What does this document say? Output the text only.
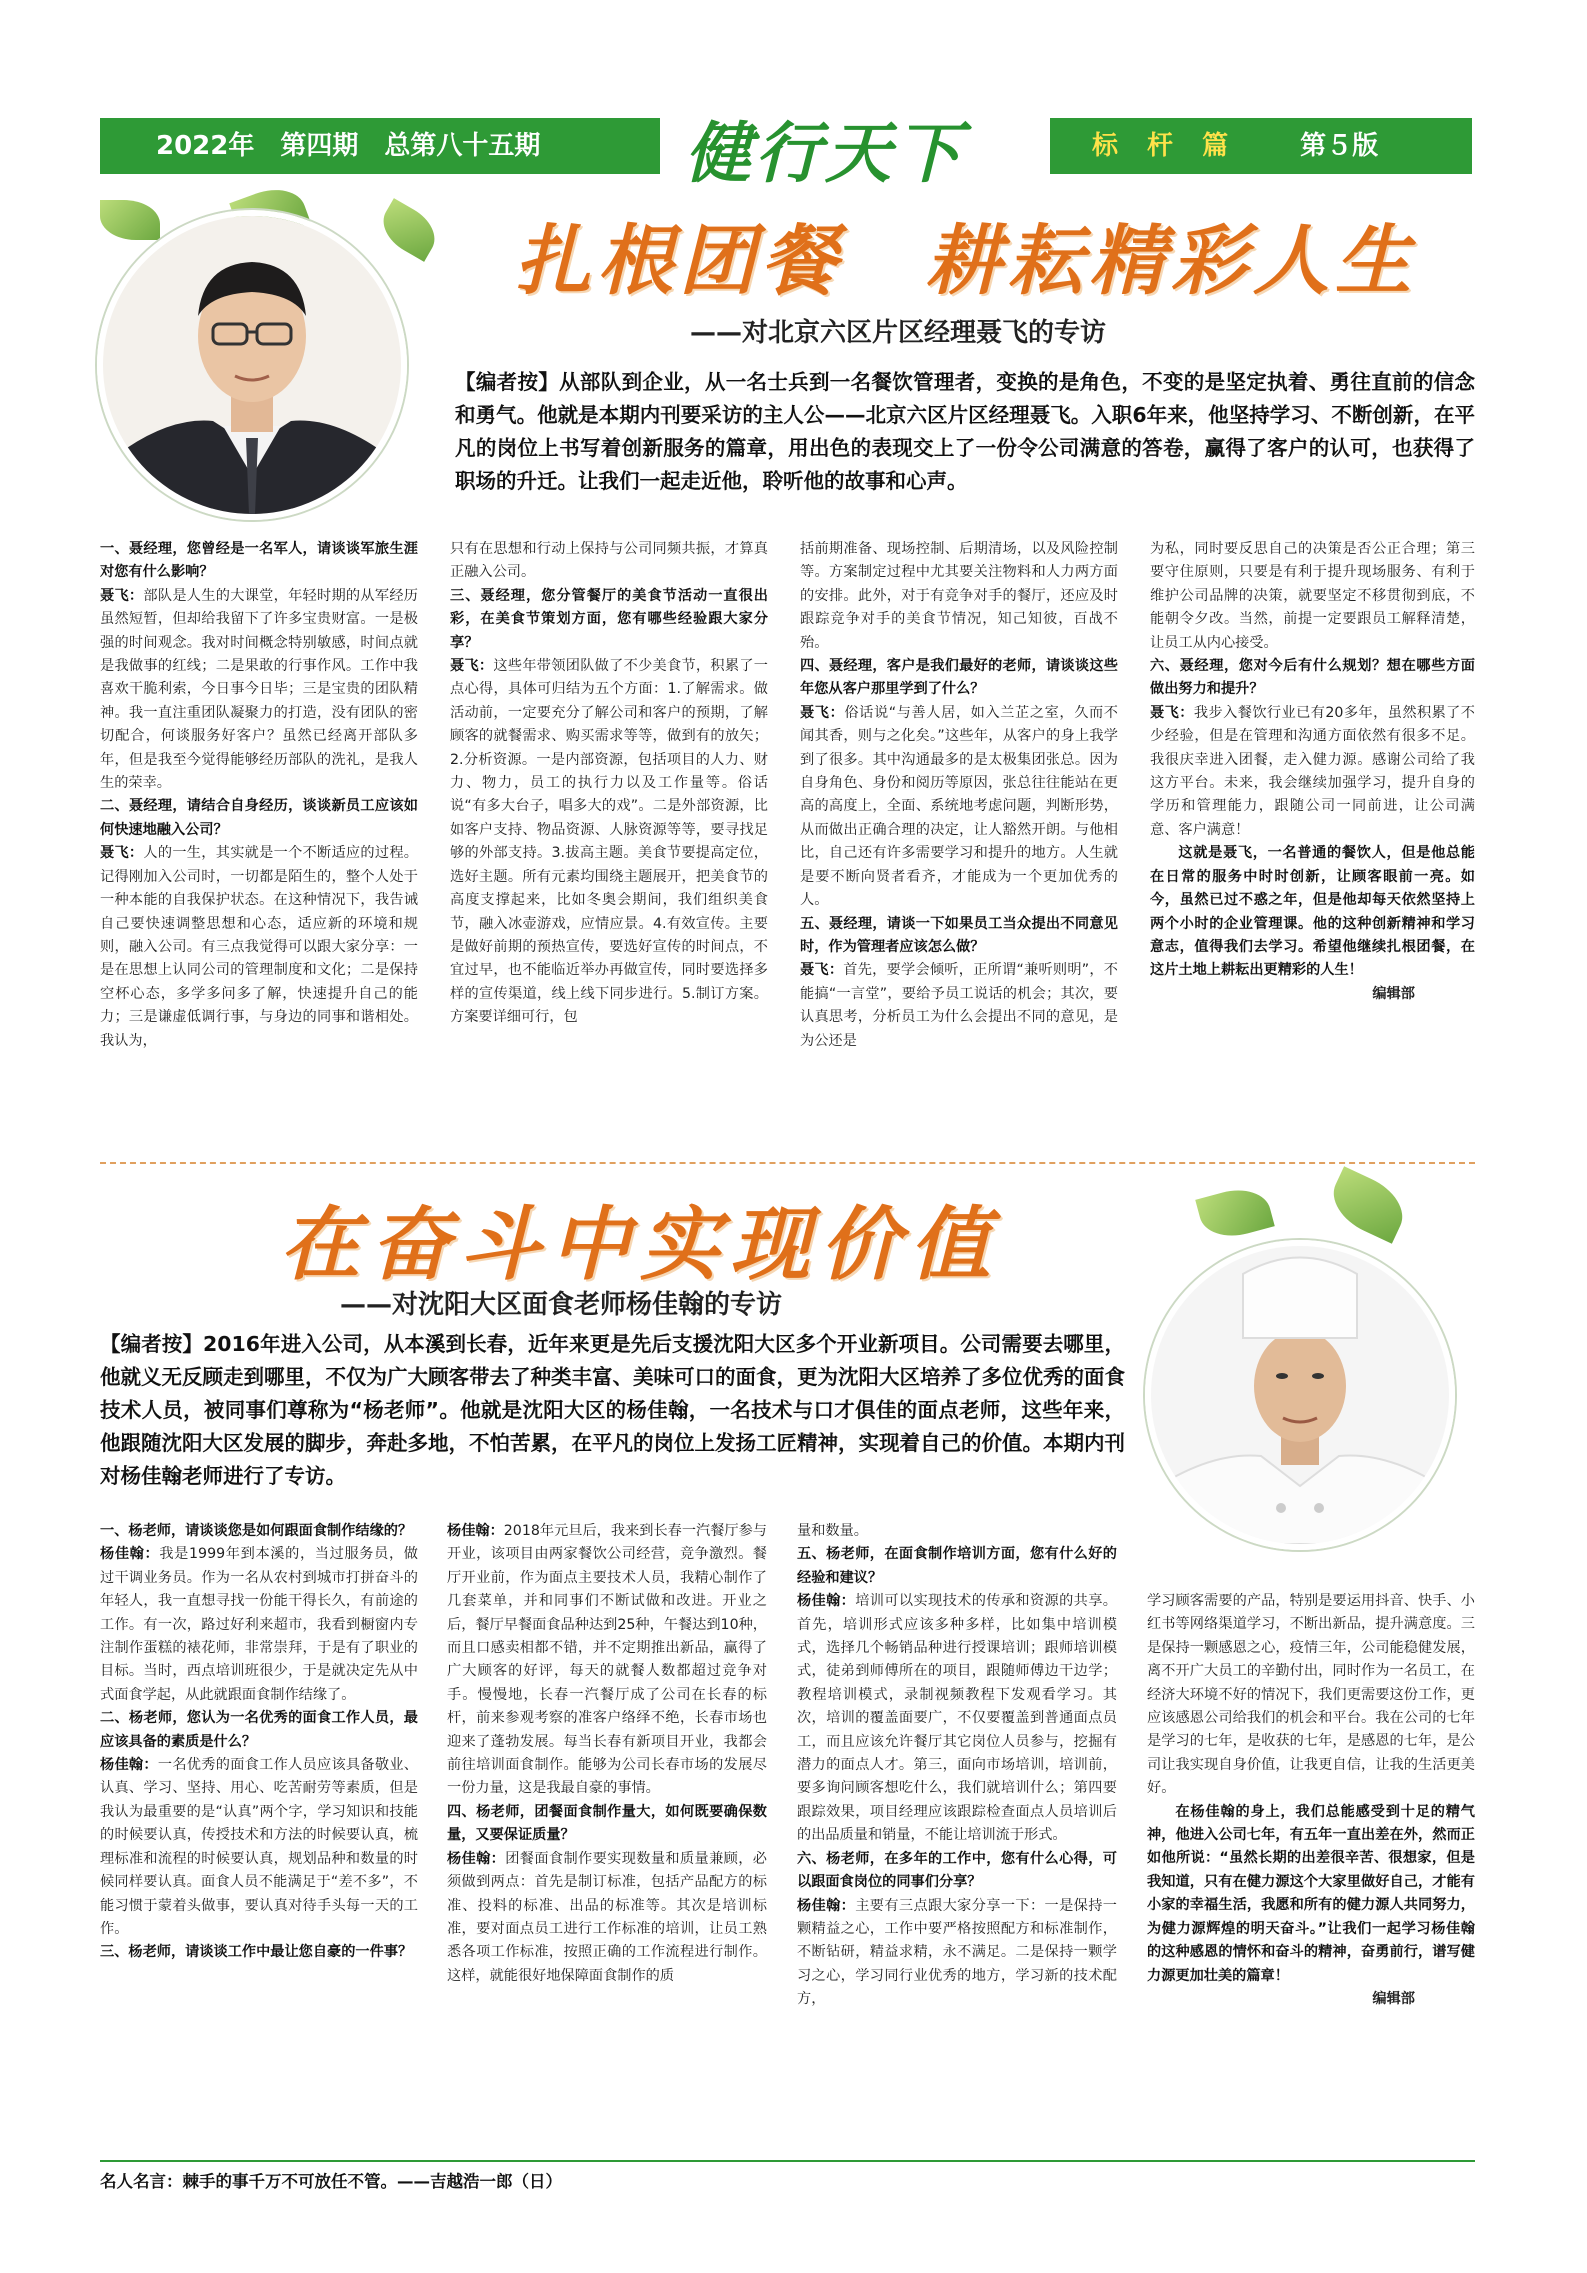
2022年　第四期　总第八十五期	健行天下	标 杆 篇 第５版
扎根团餐　耕耘精彩人生
——对北京六区片区经理聂飞的专访
【编者按】从部队到企业，从一名士兵到一名餐饮管理者，变换的是角色，不变的是坚定执着、勇往直前的信念和勇气。他就是本期内刊要采访的主人公——北京六区片区经理聂飞。入职6年来，他坚持学习、不断创新，在平凡的岗位上书写着创新服务的篇章，用出色的表现交上了一份令公司满意的答卷，赢得了客户的认可，也获得了职场的升迁。让我们一起走近他，聆听他的故事和心声。

一、聂经理，您曾经是一名军人，请谈谈军旅生涯对您有什么影响？

聂飞：部队是人生的大课堂，年轻时期的从军经历虽然短暂，但却给我留下了许多宝贵财富。一是极强的时间观念。我对时间概念特别敏感，时间点就是我做事的红线；二是果敢的行事作风。工作中我喜欢干脆利索，今日事今日毕；三是宝贵的团队精神。我一直注重团队凝聚力的打造，没有团队的密切配合，何谈服务好客户？虽然已经离开部队多年，但是我至今觉得能够经历部队的洗礼，是我人生的荣幸。

二、聂经理，请结合自身经历，谈谈新员工应该如何快速地融入公司？

聂飞：人的一生，其实就是一个不断适应的过程。记得刚加入公司时，一切都是陌生的，整个人处于一种本能的自我保护状态。在这种情况下，我告诫自己要快速调整思想和心态，适应新的环境和规则，融入公司。有三点我觉得可以跟大家分享：一是在思想上认同公司的管理制度和文化；二是保持空杯心态，多学多问多了解，快速提升自己的能力；三是谦虚低调行事，与身边的同事和谐相处。我认为，

只有在思想和行动上保持与公司同频共振，才算真正融入公司。

三、聂经理，您分管餐厅的美食节活动一直很出彩，在美食节策划方面，您有哪些经验跟大家分享？

聂飞：这些年带领团队做了不少美食节，积累了一点心得，具体可归结为五个方面：1.了解需求。做活动前，一定要充分了解公司和客户的预期，了解顾客的就餐需求、购买需求等等，做到有的放矢；2.分析资源。一是内部资源，包括项目的人力、财力、物力，员工的执行力以及工作量等。俗话说“有多大台子，唱多大的戏”。二是外部资源，比如客户支持、物品资源、人脉资源等等，要寻找足够的外部支持。3.拔高主题。美食节要提高定位，选好主题。所有元素均围绕主题展开，把美食节的高度支撑起来，比如冬奥会期间，我们组织美食节，融入冰壶游戏，应情应景。4.有效宣传。主要是做好前期的预热宣传，要选好宣传的时间点，不宜过早，也不能临近举办再做宣传，同时要选择多样的宣传渠道，线上线下同步进行。5.制订方案。方案要详细可行，包

括前期准备、现场控制、后期清场，以及风险控制等。方案制定过程中尤其要关注物料和人力两方面的安排。此外，对于有竞争对手的餐厅，还应及时跟踪竞争对手的美食节情况，知己知彼，百战不殆。

四、聂经理，客户是我们最好的老师，请谈谈这些年您从客户那里学到了什么？

聂飞：俗话说“与善人居，如入兰芷之室，久而不闻其香，则与之化矣。”这些年，从客户的身上我学到了很多。其中沟通最多的是太极集团张总。因为自身角色、身份和阅历等原因，张总往往能站在更高的高度上，全面、系统地考虑问题，判断形势，从而做出正确合理的决定，让人豁然开朗。与他相比，自己还有许多需要学习和提升的地方。人生就是要不断向贤者看齐，才能成为一个更加优秀的人。

五、聂经理，请谈一下如果员工当众提出不同意见时，作为管理者应该怎么做？

聂飞：首先，要学会倾听，正所谓“兼听则明”，不能搞“一言堂”，要给予员工说话的机会；其次，要认真思考，分析员工为什么会提出不同的意见，是为公还是

为私，同时要反思自己的决策是否公正合理；第三要守住原则，只要是有利于提升现场服务、有利于维护公司品牌的决策，就要坚定不移贯彻到底，不能朝令夕改。当然，前提一定要跟员工解释清楚，让员工从内心接受。

六、聂经理，您对今后有什么规划？想在哪些方面做出努力和提升？

聂飞：我步入餐饮行业已有20多年，虽然积累了不少经验，但是在管理和沟通方面依然有很多不足。我很庆幸进入团餐，走入健力源。感谢公司给了我这方平台。未来，我会继续加强学习，提升自身的学历和管理能力，跟随公司一同前进，让公司满意、客户满意！

这就是聂飞，一名普通的餐饮人，但是他总能在日常的服务中时时创新，让顾客眼前一亮。如今，虽然已过不惑之年，但是他却每天依然坚持上两个小时的企业管理课。他的这种创新精神和学习意志，值得我们去学习。希望他继续扎根团餐，在这片土地上耕耘出更精彩的人生！

编辑部

在奋斗中实现价值
——对沈阳大区面食老师杨佳翰的专访
【编者按】2016年进入公司，从本溪到长春，近年来更是先后支援沈阳大区多个开业新项目。公司需要去哪里，他就义无反顾走到哪里，不仅为广大顾客带去了种类丰富、美味可口的面食，更为沈阳大区培养了多位优秀的面食技术人员，被同事们尊称为“杨老师”。他就是沈阳大区的杨佳翰，一名技术与口才俱佳的面点老师，这些年来，他跟随沈阳大区发展的脚步，奔赴多地，不怕苦累，在平凡的岗位上发扬工匠精神，实现着自己的价值。本期内刊对杨佳翰老师进行了专访。

一、杨老师，请谈谈您是如何跟面食制作结缘的？

杨佳翰：我是1999年到本溪的，当过服务员，做过干调业务员。作为一名从农村到城市打拼奋斗的年轻人，我一直想寻找一份能干得长久，有前途的工作。有一次，路过好利来超市，我看到橱窗内专注制作蛋糕的裱花师，非常崇拜，于是有了职业的目标。当时，西点培训班很少，于是就决定先从中式面食学起，从此就跟面食制作结缘了。

二、杨老师，您认为一名优秀的面食工作人员，最应该具备的素质是什么？

杨佳翰：一名优秀的面食工作人员应该具备敬业、认真、学习、坚持、用心、吃苦耐劳等素质，但是我认为最重要的是“认真”两个字，学习知识和技能的时候要认真，传授技术和方法的时候要认真，梳理标准和流程的时候要认真，规划品种和数量的时候同样要认真。面食人员不能满足于“差不多”，不能习惯于蒙着头做事，要认真对待手头每一天的工作。

三、杨老师，请谈谈工作中最让您自豪的一件事？

杨佳翰：2018年元旦后，我来到长春一汽餐厅参与开业，该项目由两家餐饮公司经营，竞争激烈。餐厅开业前，作为面点主要技术人员，我精心制作了几套菜单，并和同事们不断试做和改进。开业之后，餐厅早餐面食品种达到25种，午餐达到10种，而且口感卖相都不错，并不定期推出新品，赢得了广大顾客的好评，每天的就餐人数都超过竞争对手。慢慢地，长春一汽餐厅成了公司在长春的标杆，前来参观考察的准客户络绎不绝，长春市场也迎来了蓬勃发展。每当长春有新项目开业，我都会前往培训面食制作。能够为公司长春市场的发展尽一份力量，这是我最自豪的事情。

四、杨老师，团餐面食制作量大，如何既要确保数量，又要保证质量？

杨佳翰：团餐面食制作要实现数量和质量兼顾，必须做到两点：首先是制订标准，包括产品配方的标准、投料的标准、出品的标准等。其次是培训标准，要对面点员工进行工作标准的培训，让员工熟悉各项工作标准，按照正确的工作流程进行制作。这样，就能很好地保障面食制作的质

量和数量。

五、杨老师，在面食制作培训方面，您有什么好的经验和建议？

杨佳翰：培训可以实现技术的传承和资源的共享。首先，培训形式应该多种多样，比如集中培训模式，选择几个畅销品种进行授课培训；跟师培训模式，徒弟到师傅所在的项目，跟随师傅边干边学；教程培训模式，录制视频教程下发观看学习。其次，培训的覆盖面要广，不仅要覆盖到普通面点员工，而且应该允许餐厅其它岗位人员参与，挖掘有潜力的面点人才。第三，面向市场培训，培训前，要多询问顾客想吃什么，我们就培训什么；第四要跟踪效果，项目经理应该跟踪检查面点人员培训后的出品质量和销量，不能让培训流于形式。

六、杨老师，在多年的工作中，您有什么心得，可以跟面食岗位的同事们分享？

杨佳翰：主要有三点跟大家分享一下：一是保持一颗精益之心，工作中要严格按照配方和标准制作，不断钻研，精益求精，永不满足。二是保持一颗学习之心，学习同行业优秀的地方，学习新的技术配方，

学习顾客需要的产品，特别是要运用抖音、快手、小红书等网络渠道学习，不断出新品，提升满意度。三是保持一颗感恩之心，疫情三年，公司能稳健发展，离不开广大员工的辛勤付出，同时作为一名员工，在经济大环境不好的情况下，我们更需要这份工作，更应该感恩公司给我们的机会和平台。我在公司的七年是学习的七年，是收获的七年，是感恩的七年，是公司让我实现自身价值，让我更自信，让我的生活更美好。

在杨佳翰的身上，我们总能感受到十足的精气神，他进入公司七年，有五年一直出差在外，然而正如他所说：“虽然长期的出差很辛苦、很想家，但是我知道，只有在健力源这个大家里做好自己，才能有小家的幸福生活，我愿和所有的健力源人共同努力，为健力源辉煌的明天奋斗。”让我们一起学习杨佳翰的这种感恩的情怀和奋斗的精神，奋勇前行，谱写健力源更加壮美的篇章！

编辑部

名人名言：棘手的事千万不可放任不管。——吉越浩一郎（日）
